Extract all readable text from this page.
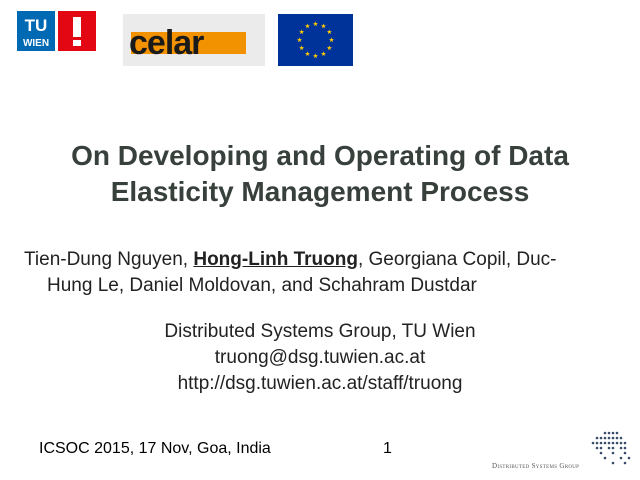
TU
WIEN celar
On Developing and Operating of Data
Elasticity Management Process
Tien-Dung Nguyen, Hong-Linh Truong, Georgiana Copil, Duc-
Hung Le, Daniel Moldovan, and Schahram Dustdar
Distributed Systems Group, TU Wien
truong@dsg.tuwien.ac.at
http://dsg.tuwien.ac.at/staff/truong
ICSOC 2015, 17 Nov, Goa, India	1
Distributed Systems Group
